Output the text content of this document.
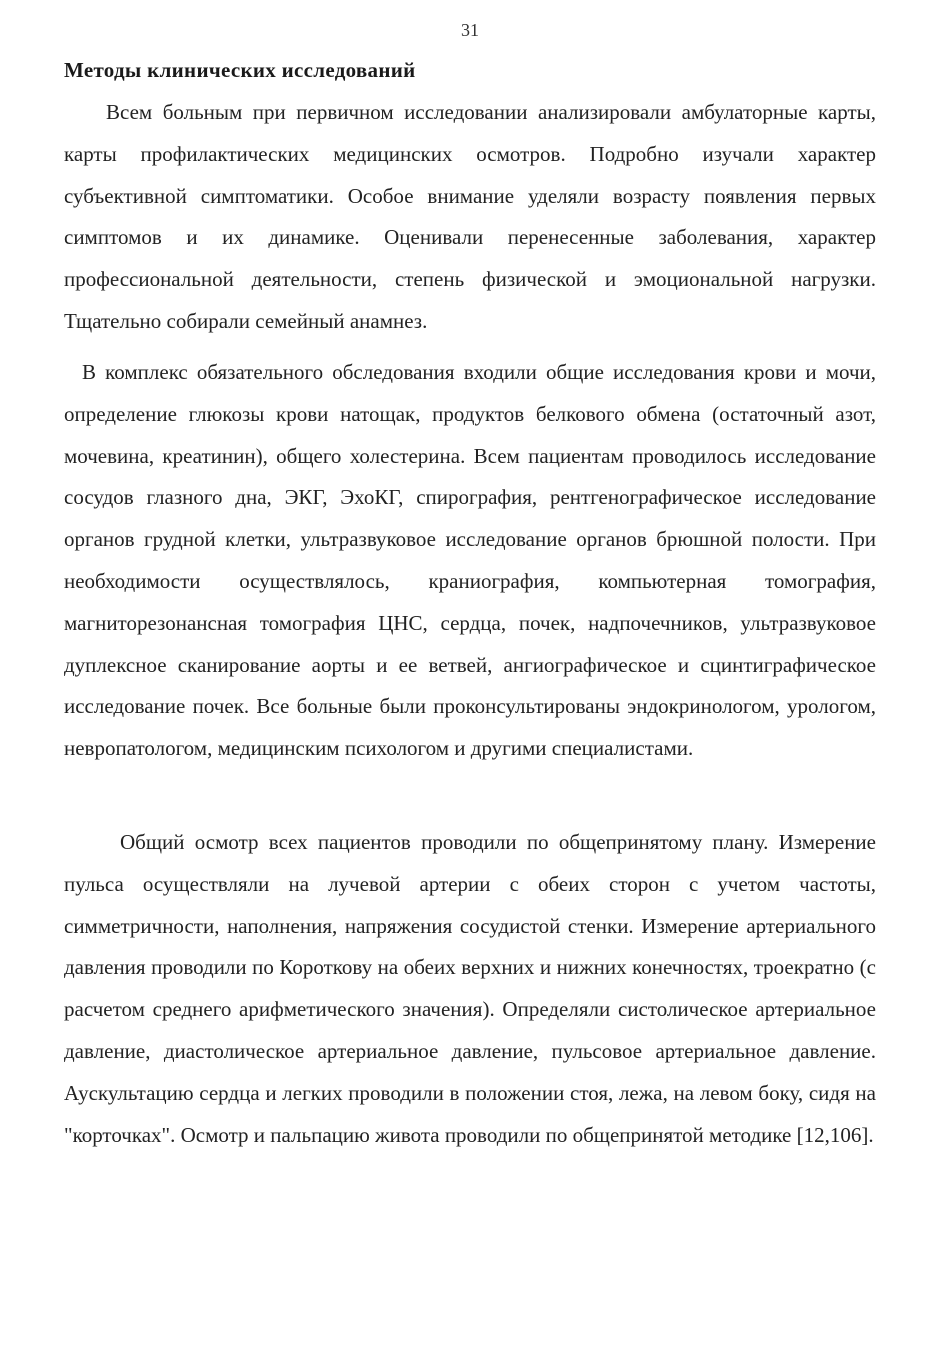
31
Методы клинических исследований

Всем больным при первичном исследовании анализировали амбулаторные карты, карты профилактических медицинских осмотров. Подробно изучали характер субъективной симптоматики. Особое внимание уделяли возрасту появления первых симптомов и их динамике. Оценивали перенесенные заболевания, характер профессиональной деятельности, степень физической и эмоциональной нагрузки. Тщательно собирали семейный анамнез.

В комплекс обязательного обследования входили общие исследования крови и мочи, определение глюкозы крови натощак, продуктов белкового обмена (остаточный азот, мочевина, креатинин), общего холестерина. Всем пациентам проводилось исследование сосудов глазного дна, ЭКГ, ЭхоКГ, спирография, рентгенографическое исследование органов грудной клетки, ультразвуковое исследование органов брюшной полости. При необходимости осуществлялось, краниография, компьютерная томография, магниторезонансная томография ЦНС, сердца, почек, надпочечников, ультразвуковое дуплексное сканирование аорты и ее ветвей, ангиографическое и сцинтиграфическое исследование почек. Все больные были проконсультированы эндокринологом, урологом, невропатологом, медицинским психологом и другими специалистами.

Общий осмотр всех пациентов проводили по общепринятому плану. Измерение пульса осуществляли на лучевой артерии с обеих сторон с учетом частоты, симметричности, наполнения, напряжения сосудистой стенки. Измерение артериального давления проводили по Короткову на обеих верхних и нижних конечностях, троекратно (с расчетом среднего арифметического значения). Определяли систолическое артериальное давление, диастолическое артериальное давление, пульсовое артериальное давление. Аускультацию сердца и легких проводили в положении стоя, лежа, на левом боку, сидя на "корточках". Осмотр и пальпацию живота проводили по общепринятой методике [12,106].
